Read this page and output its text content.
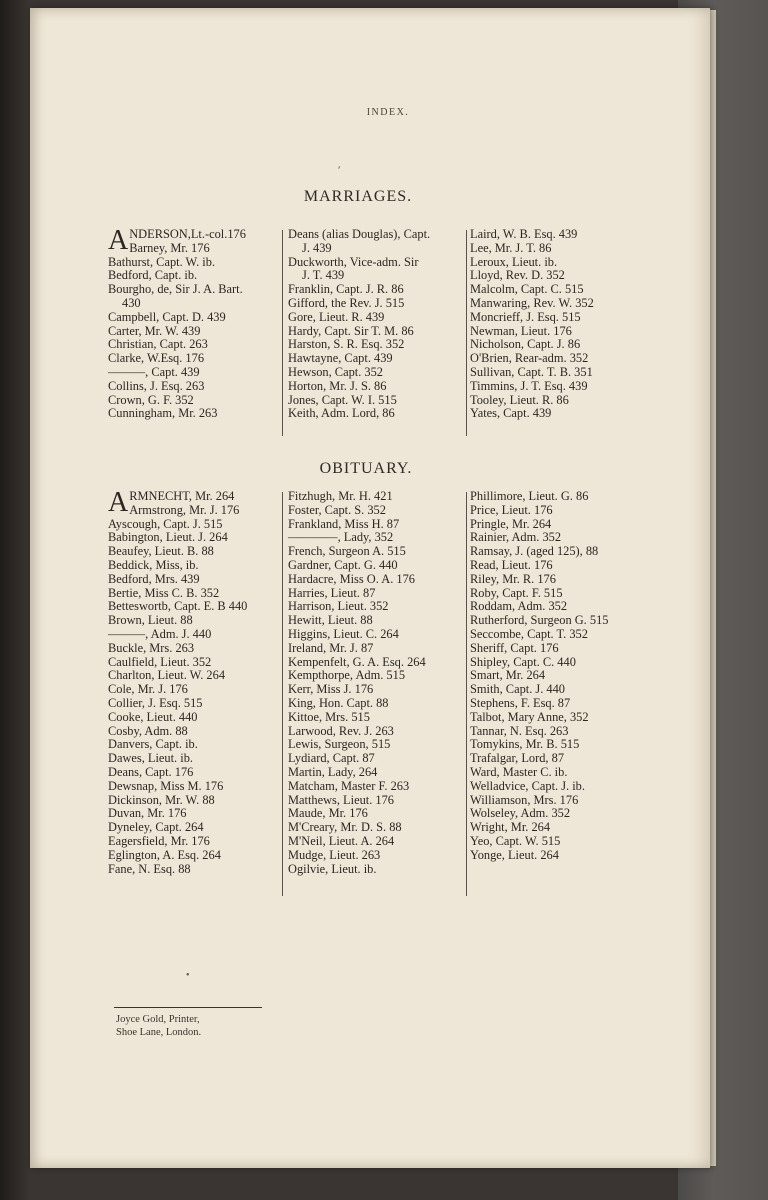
INDEX.
⸴
MARRIAGES.
A NDERSON,Lt.-col.176
Barney, Mr. 176
Bathurst, Capt. W. ib.
Bedford, Capt. ib.
Bourgho, de, Sir J. A. Bart.
430
Campbell, Capt. D. 439
Carter, Mr. W. 439
Christian, Capt. 263
Clarke, W.Esq. 176
———, Capt. 439
Collins, J. Esq. 263
Crown, G. F. 352
Cunningham, Mr. 263
Deans (alias Douglas), Capt.
J. 439
Duckworth, Vice-adm. Sir
J. T. 439
Franklin, Capt. J. R. 86
Gifford, the Rev. J. 515
Gore, Lieut. R. 439
Hardy, Capt. Sir T. M. 86
Harston, S. R. Esq. 352
Hawtayne, Capt. 439
Hewson, Capt. 352
Horton, Mr. J. S. 86
Jones, Capt. W. I. 515
Keith, Adm. Lord, 86
Laird, W. B. Esq. 439
Lee, Mr. J. T. 86
Leroux, Lieut. ib.
Lloyd, Rev. D. 352
Malcolm, Capt. C. 515
Manwaring, Rev. W. 352
Moncrieff, J. Esq. 515
Newman, Lieut. 176
Nicholson, Capt. J. 86
O'Brien, Rear-adm. 352
Sullivan, Capt. T. B. 351
Timmins, J. T. Esq. 439
Tooley, Lieut. R. 86
Yates, Capt. 439
OBITUARY.
A RMNECHT, Mr. 264
Armstrong, Mr. J. 176
Ayscough, Capt. J. 515
Babington, Lieut. J. 264
Beaufey, Lieut. B. 88
Beddick, Miss, ib.
Bedford, Mrs. 439
Bertie, Miss C. B. 352
Betteswortb, Capt. E. B 440
Brown, Lieut. 88
———, Adm. J. 440
Buckle, Mrs. 263
Caulfield, Lieut. 352
Charlton, Lieut. W. 264
Cole, Mr. J. 176
Collier, J. Esq. 515
Cooke, Lieut. 440
Cosby, Adm. 88
Danvers, Capt. ib.
Dawes, Lieut. ib.
Deans, Capt. 176
Dewsnap, Miss M. 176
Dickinson, Mr. W. 88
Duvan, Mr. 176
Dyneley, Capt. 264
Eagersfield, Mr. 176
Eglington, A. Esq. 264
Fane, N. Esq. 88
Fitzhugh, Mr. H. 421
Foster, Capt. S. 352
Frankland, Miss H. 87
————, Lady, 352
French, Surgeon A. 515
Gardner, Capt. G. 440
Hardacre, Miss O. A. 176
Harries, Lieut. 87
Harrison, Lieut. 352
Hewitt, Lieut. 88
Higgins, Lieut. C. 264
Ireland, Mr. J. 87
Kempenfelt, G. A. Esq. 264
Kempthorpe, Adm. 515
Kerr, Miss J. 176
King, Hon. Capt. 88
Kittoe, Mrs. 515
Larwood, Rev. J. 263
Lewis, Surgeon, 515
Lydiard, Capt. 87
Martin, Lady, 264
Matcham, Master F. 263
Matthews, Lieut. 176
Maude, Mr. 176
M'Creary, Mr. D. S. 88
M'Neil, Lieut. A. 264
Mudge, Lieut. 263
Ogilvie, Lieut. ib.
Phillimore, Lieut. G. 86
Price, Lieut. 176
Pringle, Mr. 264
Rainier, Adm. 352
Ramsay, J. (aged 125), 88
Read, Lieut. 176
Riley, Mr. R. 176
Roby, Capt. F. 515
Roddam, Adm. 352
Rutherford, Surgeon G. 515
Seccombe, Capt. T. 352
Sheriff, Capt. 176
Shipley, Capt. C. 440
Smart, Mr. 264
Smith, Capt. J. 440
Stephens, F. Esq. 87
Talbot, Mary Anne, 352
Tannar, N. Esq. 263
Tomykins, Mr. B. 515
Trafalgar, Lord, 87
Ward, Master C. ib.
Welladvice, Capt. J. ib.
Williamson, Mrs. 176
Wolseley, Adm. 352
Wright, Mr. 264
Yeo, Capt. W. 515
Yonge, Lieut. 264
•
Joyce Gold, Printer,
Shoe Lane, London.
